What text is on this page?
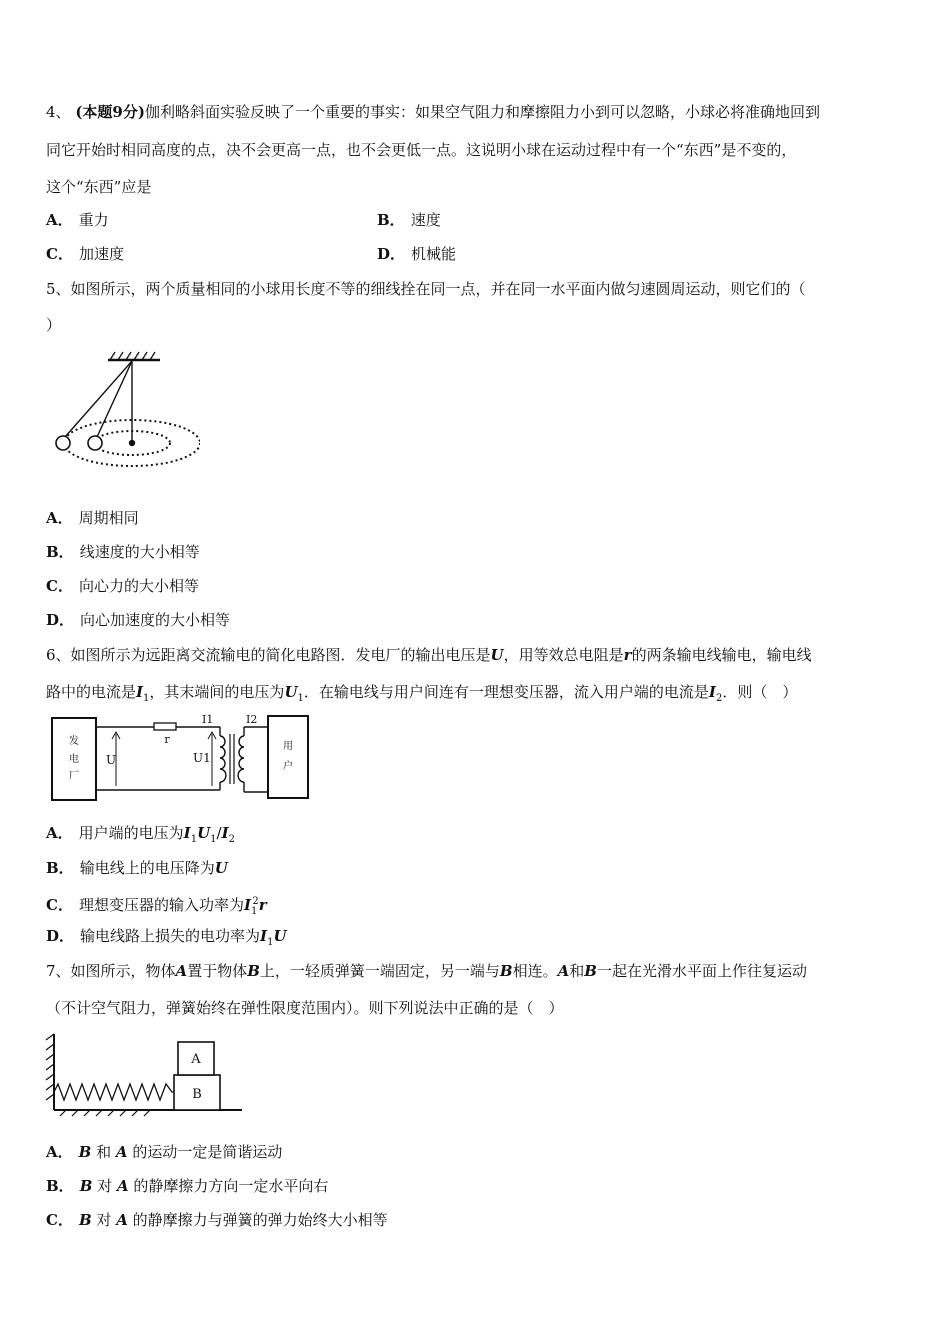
4、 (本题9分)伽利略斜面实验反映了一个重要的事实：如果空气阻力和摩擦阻力小到可以忽略，小球必将准确地回到
同它开始时相同高度的点，决不会更高一点，也不会更低一点。这说明小球在运动过程中有一个“东西”是不变的，
这个“东西”应是
A． 重力	B． 速度
C． 加速度	D． 机械能
5、如图所示，两个质量相同的小球用长度不等的细线拴在同一点，并在同一水平面内做匀速圆周运动，则它们的（
）
A． 周期相同
B． 线速度的大小相等
C． 向心力的大小相等
D． 向心加速度的大小相等
6、如图所示为远距离交流输电的简化电路图．发电厂的输出电压是U，用等效总电阻是r的两条输电线输电，输电线
路中的电流是$I_1$，其末端间的电压为$U_1$．在输电线与用户间连有一理想变压器，流入用户端的电流是$I_2$．则（　）
发
电
厂
r
I1
U	U1
I2
用
户
A． 用户端的电压为$I_1U_1/I_2$
B． 输电线上的电压降为U
C． 理想变压器的输入功率为$I_1^2r$
D． 输电线路上损失的电功率为$I_1U$
7、如图所示，物体A置于物体B上，一轻质弹簧一端固定，另一端与B相连。A和B一起在光滑水平面上作往复运动
（不计空气阻力，弹簧始终在弹性限度范围内）。则下列说法中正确的是（　）
B
A
A． B 和 A 的运动一定是简谐运动
B． B 对 A 的静摩擦力方向一定水平向右
C． B 对 A 的静摩擦力与弹簧的弹力始终大小相等
